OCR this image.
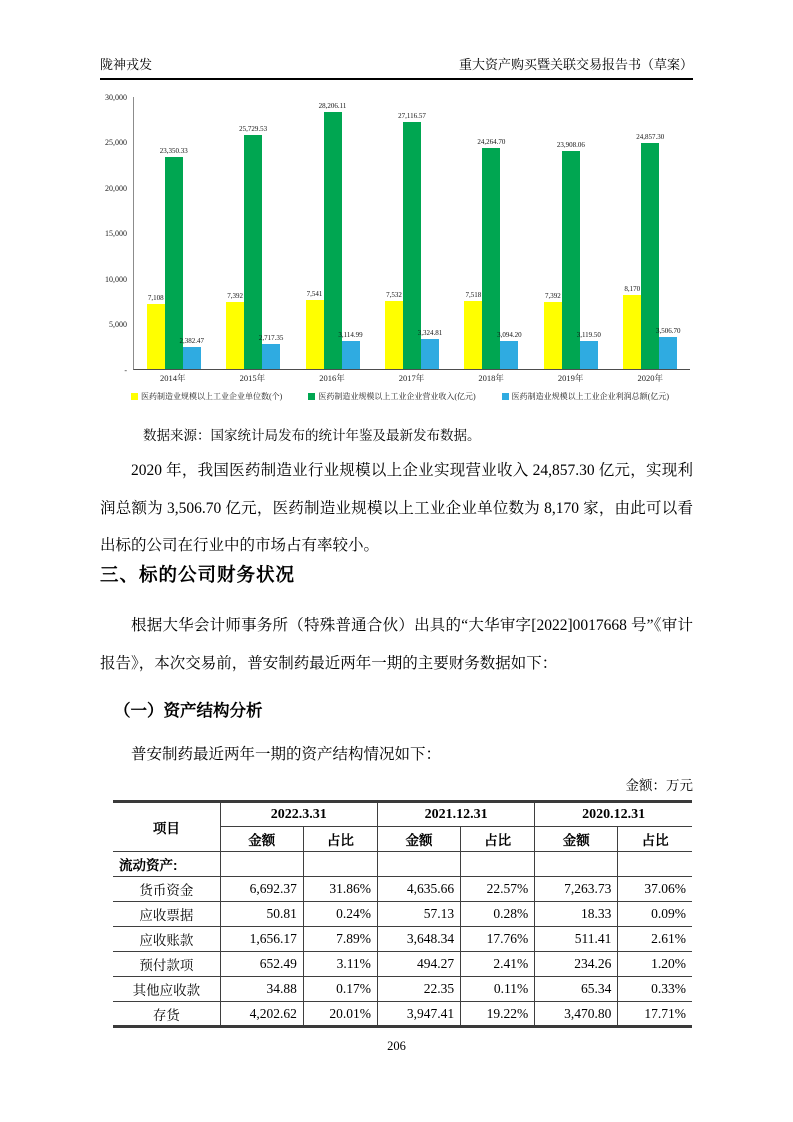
陇神戎发	重大资产购买暨关联交易报告书（草案）
30,000
25,000
20,000
15,000
10,000
5,000
-
7,108
23,350.33
2,382.47
7,392
25,729.53
2,717.35
7,541
28,206.11
3,114.99
7,532
27,116.57
3,324.81
7,518
24,264.70
3,094.20
7,392
23,908.06
3,119.50
8,170
24,857.30
3,506.70
2014年	2015年	2016年	2017年	2018年	2019年	2020年
医药制造业规模以上工业企业单位数(个)	医药制造业规模以上工业企业营业收入(亿元)	医药制造业规模以上工业企业利润总额(亿元)
数据来源：国家统计局发布的统计年鉴及最新发布数据。
2020 年，我国医药制造业行业规模以上企业实现营业收入 24,857.30 亿元，实现利润总额为 3,506.70 亿元，医药制造业规模以上工业企业单位数为 8,170 家，由此可以看出标的公司在行业中的市场占有率较小。
三、标的公司财务状况
根据大华会计师事务所（特殊普通合伙）出具的“大华审字[2022]0017668 号”《审计报告》，本次交易前，普安制药最近两年一期的主要财务数据如下：
（一）资产结构分析
普安制药最近两年一期的资产结构情况如下：
金额：万元
项目	2022.3.31		2021.12.31		2020.12.31	
	金额	占比	金额	占比	金额	占比
流动资产:						
货币资金	6,692.37	31.86%	4,635.66	22.57%	7,263.73	37.06%
应收票据	50.81	0.24%	57.13	0.28%	18.33	0.09%
应收账款	1,656.17	7.89%	3,648.34	17.76%	511.41	2.61%
预付款项	652.49	3.11%	494.27	2.41%	234.26	1.20%
其他应收款	34.88	0.17%	22.35	0.11%	65.34	0.33%
存货	4,202.62	20.01%	3,947.41	19.22%	3,470.80	17.71%
206
